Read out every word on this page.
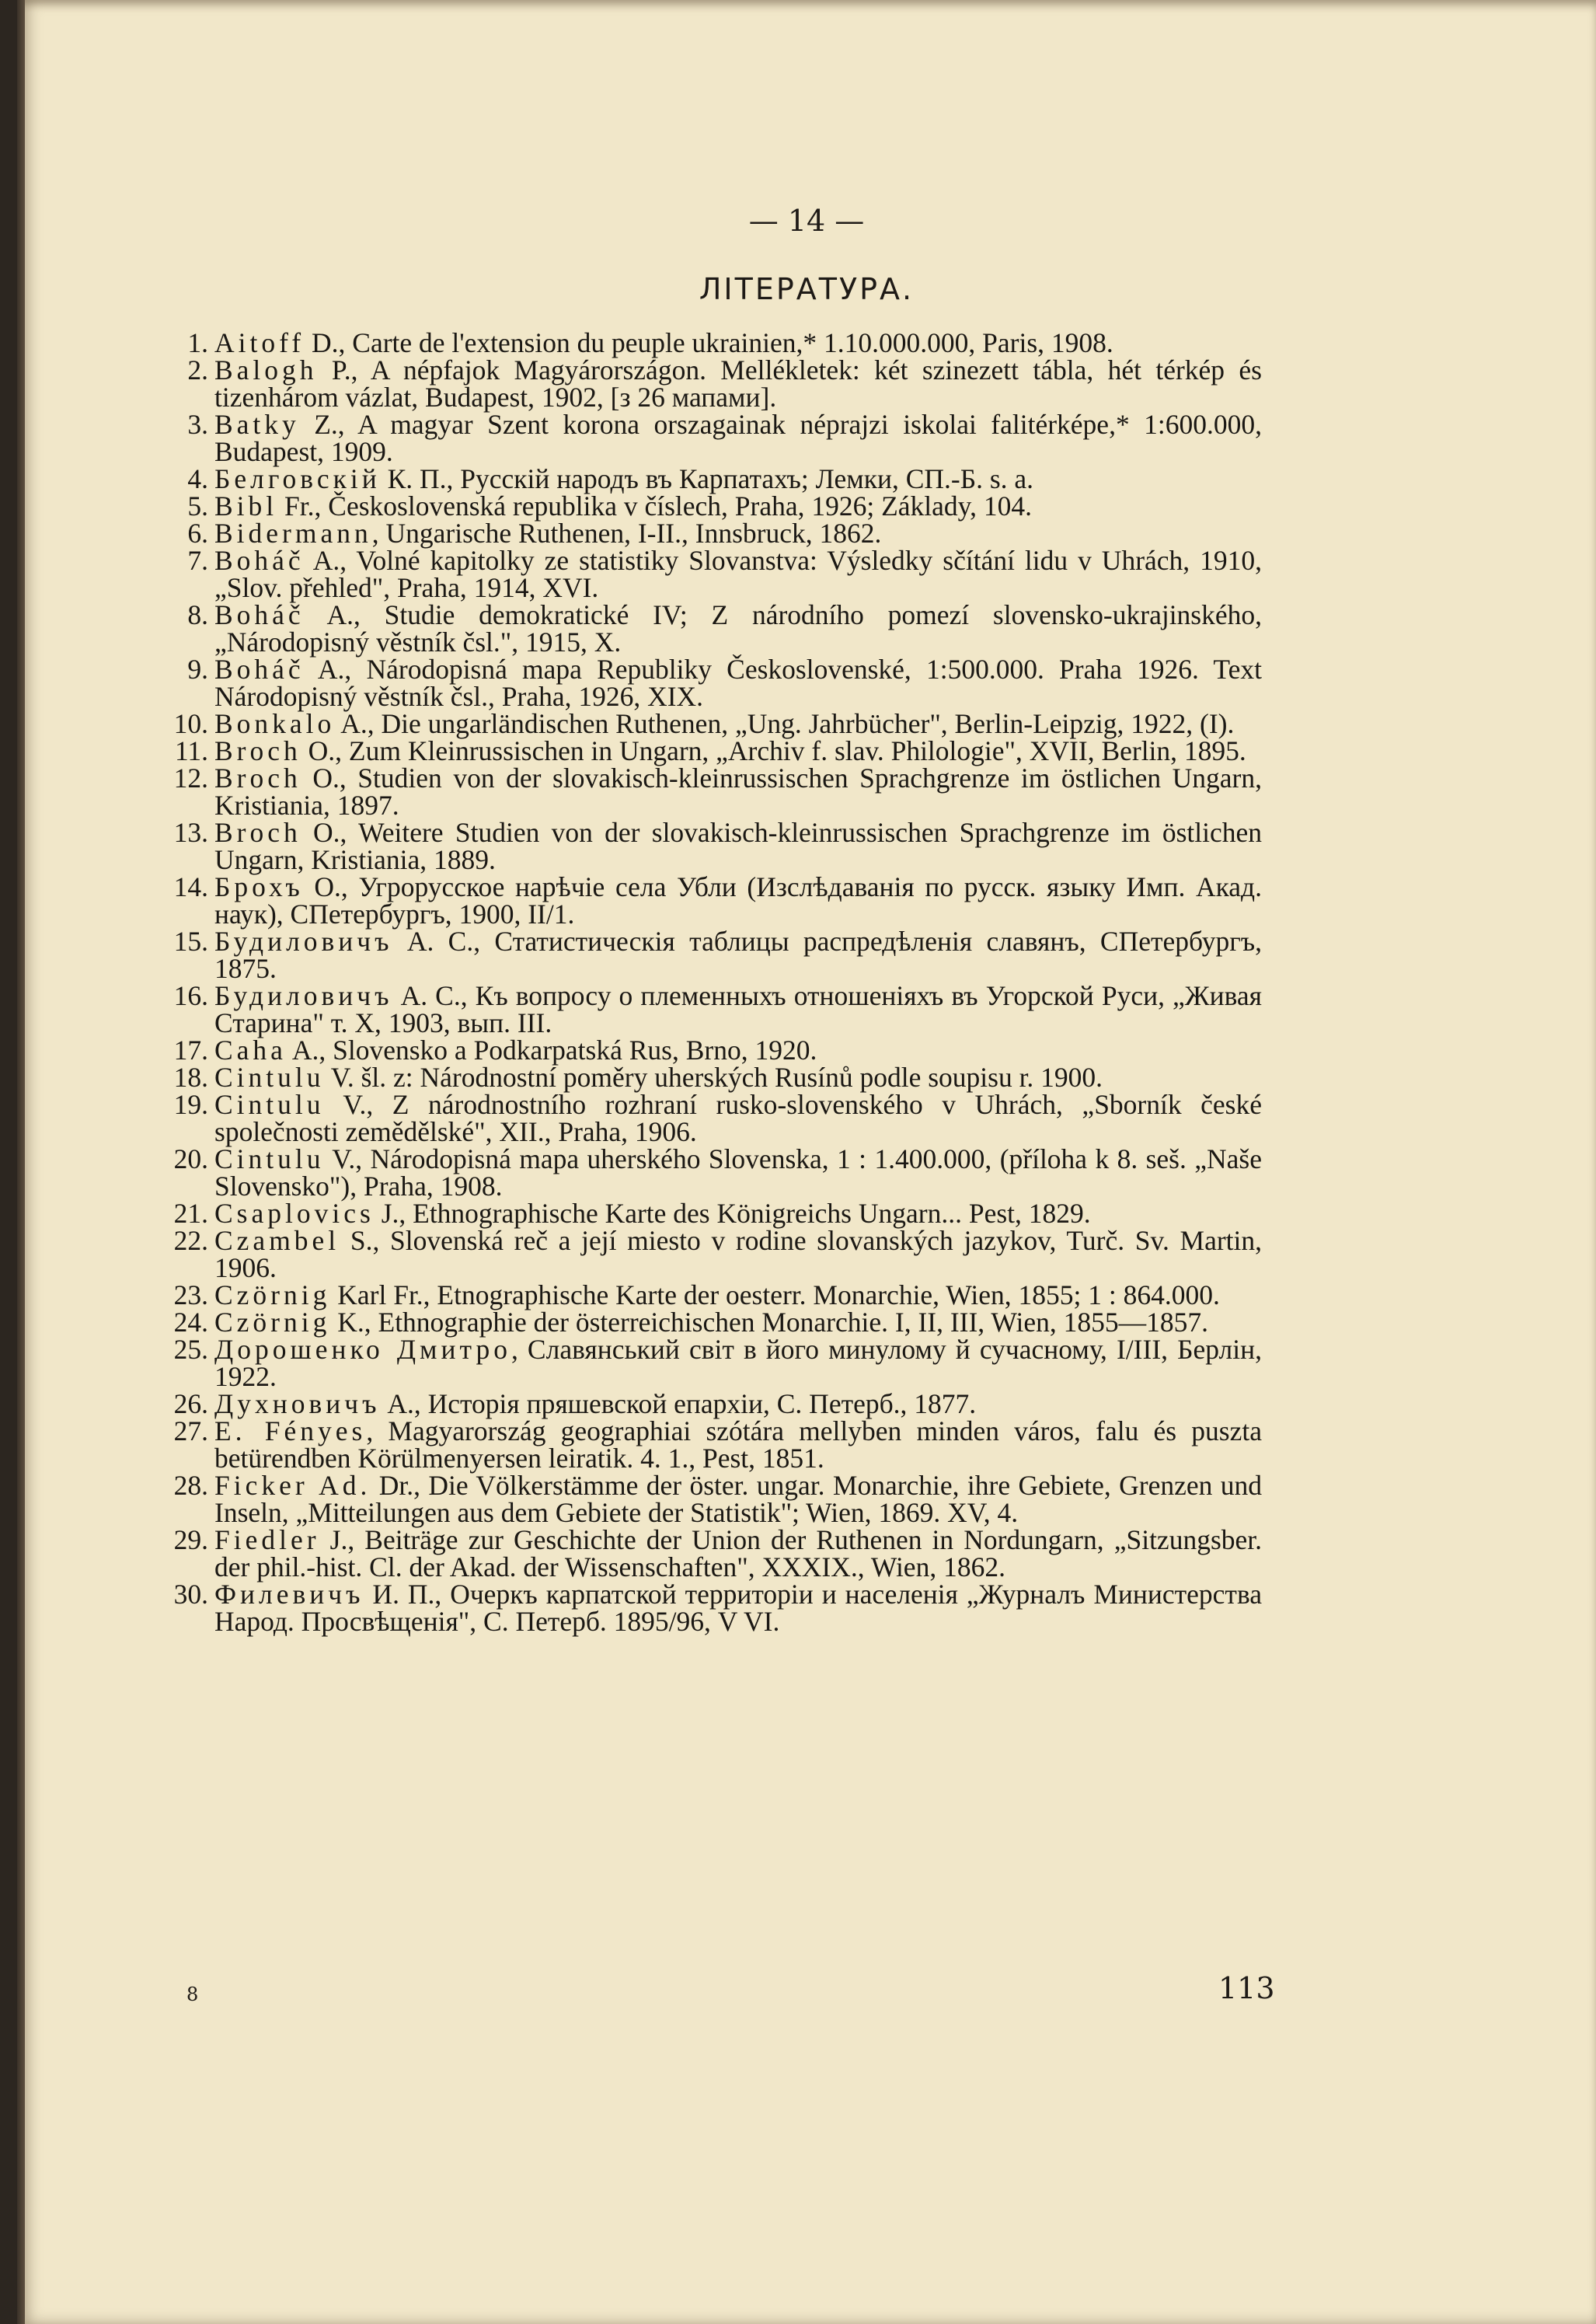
— 14 —
ЛІТЕРАТУРА.
1. Aitoff D., Carte de l'extension du peuple ukrainien,* 1.10.000.000, Paris, 1908.
2. Balogh P., A népfajok Magyárországon. Mellékletek: két szinezett tábla, hét térkép és tizenhárom vázlat, Budapest, 1902, [з 26 мапами].
3. Batky Z., A magyar Szent korona orszagainak néprajzi iskolai falitérképe,* 1:600.000, Budapest, 1909.
4. Белговскій К. П., Русскій народъ въ Карпатахъ; Лемки, СП.-Б. s. a.
5. Bibl Fr., Československá republika v číslech, Praha, 1926; Základy, 104.
6. Bidermann, Ungarische Ruthenen, I-II., Innsbruck, 1862.
7. Boháč A., Volné kapitolky ze statistiky Slovanstva: Výsledky sčítání lidu v Uhrách, 1910, „Slov. přehled", Praha, 1914, XVI.
8. Boháč A., Studie demokratické IV; Z národního pomezí slovensko-ukrajinského, „Národopisný věstník čsl.", 1915, X.
9. Boháč A., Národopisná mapa Republiky Československé, 1:500.000. Praha 1926. Text Národopisný věstník čsl., Praha, 1926, XIX.
10. Bonkalo A., Die ungarländischen Ruthenen, „Ung. Jahrbücher", Berlin-Leipzig, 1922, (I).
11. Broch O., Zum Kleinrussischen in Ungarn, „Archiv f. slav. Philologie", XVII, Berlin, 1895.
12. Broch O., Studien von der slovakisch-kleinrussischen Sprachgrenze im östlichen Ungarn, Kristiania, 1897.
13. Broch O., Weitere Studien von der slovakisch-kleinrussischen Sprachgrenze im östlichen Ungarn, Kristiania, 1889.
14. Брохъ О., Угрорусское нарѣчіе села Убли (Изслѣдаванія по русск. языку Имп. Акад. наук), СПетербургъ, 1900, II/1.
15. Будиловичъ А. С., Статистическія таблицы распредѣленія славянъ, СПетербургъ, 1875.
16. Будиловичъ А. С., Къ вопросу о племенныхъ отношеніяхъ въ Угорской Руси, „Живая Старина" т. X, 1903, вып. III.
17. Caha A., Slovensko a Podkarpatská Rus, Brno, 1920.
18. Cintulu V. šl. z: Národnostní poměry uherských Rusínů podle soupisu r. 1900.
19. Cintulu V., Z národnostního rozhraní rusko-slovenského v Uhrách, „Sborník české společnosti zemědělské", XII., Praha, 1906.
20. Cintulu V., Národopisná mapa uherského Slovenska, 1 : 1.400.000, (příloha k 8. seš. „Naše Slovensko"), Praha, 1908.
21. Csaplovics J., Ethnographische Karte des Königreichs Ungarn... Pest, 1829.
22. Czambel S., Slovenská reč a její miesto v rodine slovanských jazykov, Turč. Sv. Martin, 1906.
23. Czörnig Karl Fr., Etnographische Karte der oesterr. Monarchie, Wien, 1855; 1 : 864.000.
24. Czörnig K., Ethnographie der österreichischen Monarchie. I, II, III, Wien, 1855—1857.
25. Дорошенко Дмитро, Славянський світ в його минулому й сучасному, I/III, Берлін, 1922.
26. Духновичъ А., Исторія пряшевской епархіи, С. Петерб., 1877.
27. E. Fényes, Magyarország geographiai szótára mellyben minden város, falu és puszta betürendben Körülmenyersen leiratik. 4. 1., Pest, 1851.
28. Ficker Ad. Dr., Die Völkerstämme der öster. ungar. Monarchie, ihre Gebiete, Grenzen und Inseln, „Mitteilungen aus dem Gebiete der Statistik"; Wien, 1869. XV, 4.
29. Fiedler J., Beiträge zur Geschichte der Union der Ruthenen in Nordungarn, „Sitzungsber. der phil.-hist. Cl. der Akad. der Wissenschaften", XXXIX., Wien, 1862.
30. Филевичъ И. П., Очеркъ карпатской территоріи и населенія „Журналъ Министерства Народ. Просвѣщенія", С. Петерб. 1895/96, V VI.
8	113
